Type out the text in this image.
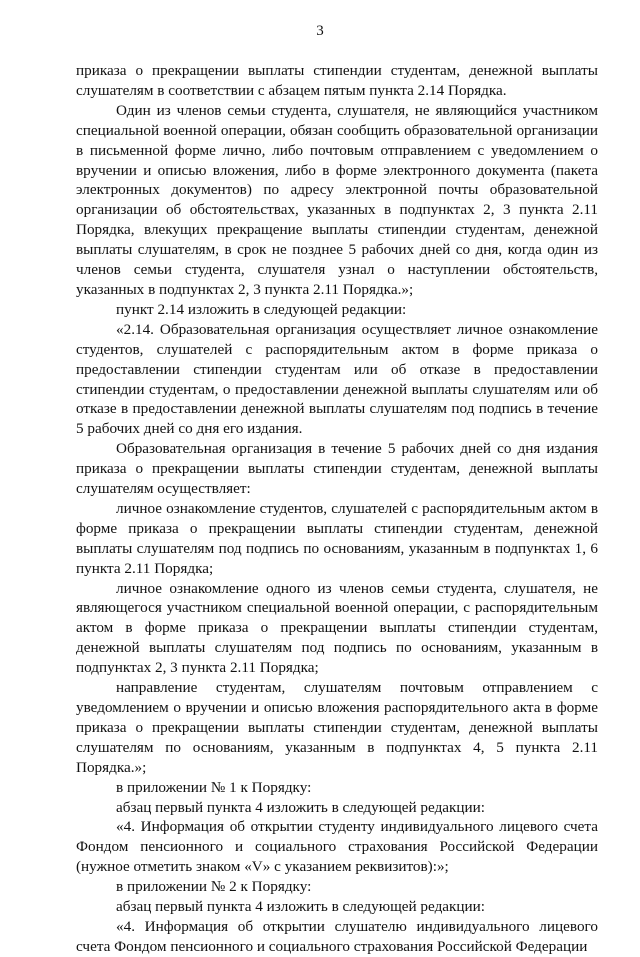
3

приказа о прекращении выплаты стипендии студентам, денежной выплаты слушателям в соответствии с абзацем пятым пункта 2.14 Порядка.

Один из членов семьи студента, слушателя, не являющийся участником специальной военной операции, обязан сообщить образовательной организации в письменной форме лично, либо почтовым отправлением с уведомлением о вручении и описью вложения, либо в форме электронного документа (пакета электронных документов) по адресу электронной почты образовательной организации об обстоятельствах, указанных в подпунктах 2, 3 пункта 2.11 Порядка, влекущих прекращение выплаты стипендии студентам, денежной выплаты слушателям, в срок не позднее 5 рабочих дней со дня, когда один из членов семьи студента, слушателя узнал о наступлении обстоятельств, указанных в подпунктах 2, 3 пункта 2.11 Порядка.»;

пункт 2.14 изложить в следующей редакции:

«2.14. Образовательная организация осуществляет личное ознакомление студентов, слушателей с распорядительным актом в форме приказа о предоставлении стипендии студентам или об отказе в предоставлении стипендии студентам, о предоставлении денежной выплаты слушателям или об отказе в предоставлении денежной выплаты слушателям под подпись в течение 5 рабочих дней со дня его издания.

Образовательная организация в течение 5 рабочих дней со дня издания приказа о прекращении выплаты стипендии студентам, денежной выплаты слушателям осуществляет:

личное ознакомление студентов, слушателей с распорядительным актом в форме приказа о прекращении выплаты стипендии студентам, денежной выплаты слушателям под подпись по основаниям, указанным в подпунктах 1, 6 пункта 2.11 Порядка;

личное ознакомление одного из членов семьи студента, слушателя, не являющегося участником специальной военной операции, с распорядительным актом в форме приказа о прекращении выплаты стипендии студентам, денежной выплаты слушателям под подпись по основаниям, указанным в подпунктах 2, 3 пункта 2.11 Порядка;

направление студентам, слушателям почтовым отправлением с уведомлением о вручении и описью вложения распорядительного акта в форме приказа о прекращении выплаты стипендии студентам, денежной выплаты слушателям по основаниям, указанным в подпунктах 4, 5 пункта 2.11 Порядка.»;

в приложении № 1 к Порядку:

абзац первый пункта 4 изложить в следующей редакции:

«4. Информация об открытии студенту индивидуального лицевого счета Фондом пенсионного и социального страхования Российской Федерации (нужное отметить знаком «V» с указанием реквизитов):»;

в приложении № 2 к Порядку:

абзац первый пункта 4 изложить в следующей редакции:

«4. Информация об открытии слушателю индивидуального лицевого счета Фондом пенсионного и социального страхования Российской Федерации
